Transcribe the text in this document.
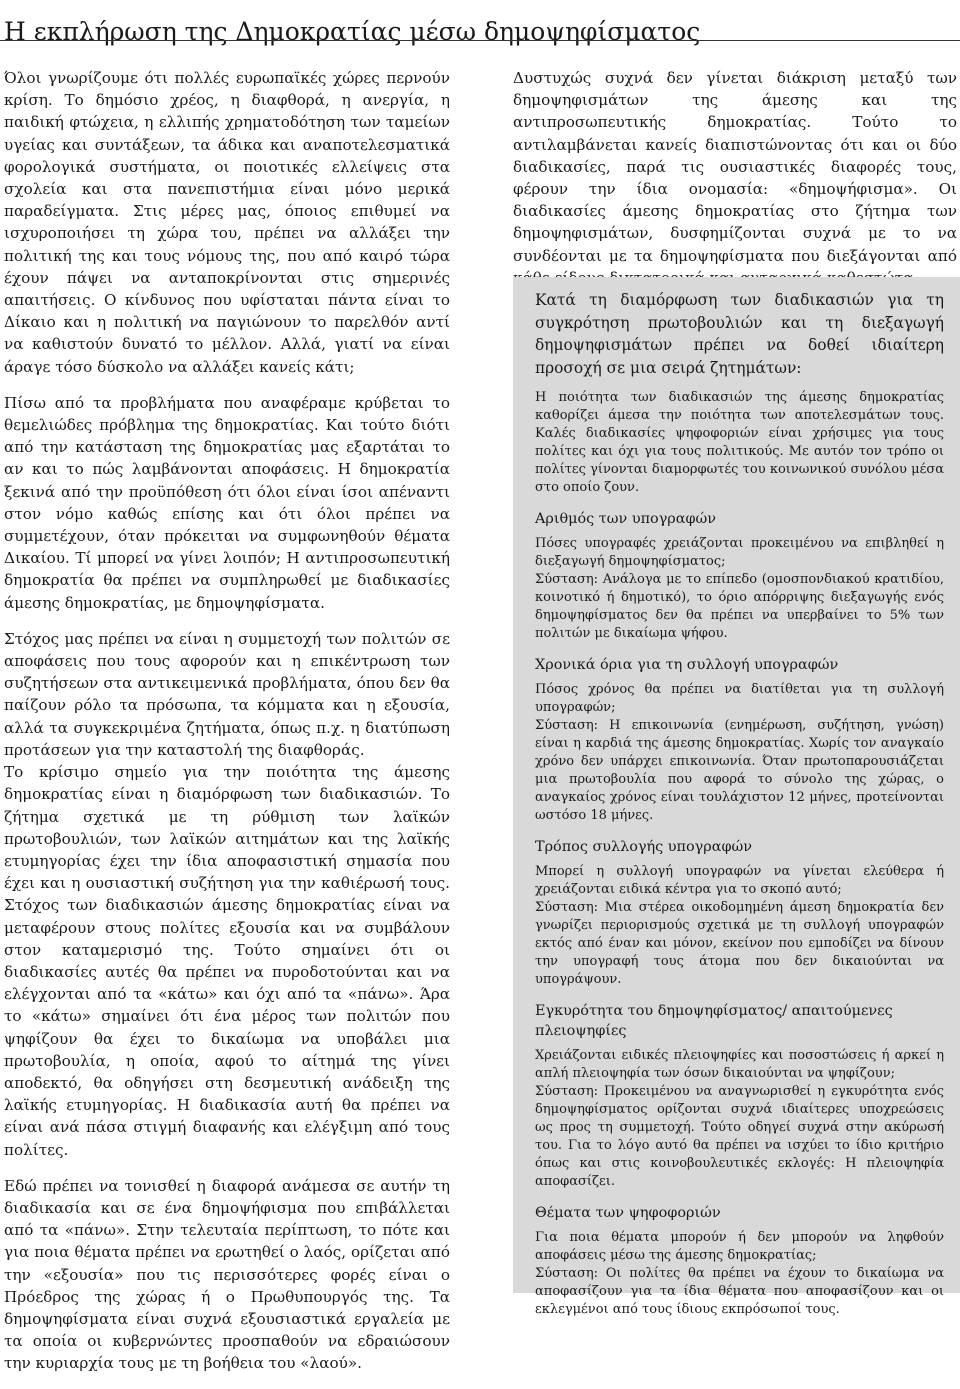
Η εκπλήρωση της Δημοκρατίας μέσω δημοψηφίσματος

Όλοι γνωρίζουμε ότι πολλές ευρωπαϊκές χώρες περνούν κρίση. Το δημόσιο χρέος, η διαφθορά, η ανεργία, η παιδική φτώχεια, η ελλιπής χρηματοδότηση των ταμείων υγείας και συντάξεων, τα άδικα και αναποτελεσματικά φορολογικά συστήματα, οι ποιοτικές ελλείψεις στα σχολεία και στα πανεπιστήμια είναι μόνο μερικά παραδείγματα. Στις μέρες μας, όποιος επιθυμεί να ισχυροποιήσει τη χώρα του, πρέπει να αλλάξει την πολιτική της και τους νόμους της, που από καιρό τώρα έχουν πάψει να ανταποκρίνονται στις σημερινές απαιτήσεις. Ο κίνδυνος που υφίσταται πάντα είναι το Δίκαιο και η πολιτική να παγιώνουν το παρελθόν αντί να καθιστούν δυνατό το μέλλον. Αλλά, γιατί να είναι άραγε τόσο δύσκολο να αλλάξει κανείς κάτι;

Πίσω από τα προβλήματα που αναφέραμε κρύβεται το θεμελιώδες πρόβλημα της δημοκρατίας. Και τούτο διότι από την κατάσταση της δημοκρατίας μας εξαρτάται το αν και το πώς λαμβάνονται αποφάσεις. Η δημοκρατία ξεκινά από την προϋπόθεση ότι όλοι είναι ίσοι απέναντι στον νόμο καθώς επίσης και ότι όλοι πρέπει να συμμετέχουν, όταν πρόκειται να συμφωνηθούν θέματα Δικαίου. Τί μπορεί να γίνει λοιπόν; Η αντιπροσωπευτική δημοκρατία θα πρέπει να συμπληρωθεί με διαδικασίες άμεσης δημοκρατίας, με δημοψηφίσματα.

Στόχος μας πρέπει να είναι η συμμετοχή των πολιτών σε αποφάσεις που τους αφορούν και η επικέντρωση των συζητήσεων στα αντικειμενικά προβλήματα, όπου δεν θα παίζουν ρόλο τα πρόσωπα, τα κόμματα και η εξουσία, αλλά τα συγκεκριμένα ζητήματα, όπως π.χ. η διατύπωση προτάσεων για την καταστολή της διαφθοράς.

Το κρίσιμο σημείο για την ποιότητα της άμεσης δημοκρατίας είναι η διαμόρφωση των διαδικασιών. Το ζήτημα σχετικά με τη ρύθμιση των λαϊκών πρωτοβουλιών, των λαϊκών αιτημάτων και της λαϊκής ετυμηγορίας έχει την ίδια αποφασιστική σημασία που έχει και η ουσιαστική συζήτηση για την καθιέρωσή τους. Στόχος των διαδικασιών άμεσης δημοκρατίας είναι να μεταφέρουν στους πολίτες εξουσία και να συμβάλουν στον καταμερισμό της. Τούτο σημαίνει ότι οι διαδικασίες αυτές θα πρέπει να πυροδοτούνται και να ελέγχονται από τα «κάτω» και όχι από τα «πάνω». Άρα το «κάτω» σημαίνει ότι ένα μέρος των πολιτών που ψηφίζουν θα έχει το δικαίωμα να υποβάλει μια πρωτοβουλία, η οποία, αφού το αίτημά της γίνει αποδεκτό, θα οδηγήσει στη δεσμευτική ανάδειξη της λαϊκής ετυμηγορίας. Η διαδικασία αυτή θα πρέπει να είναι ανά πάσα στιγμή διαφανής και ελέγξιμη από τους πολίτες.

Εδώ πρέπει να τονισθεί η διαφορά ανάμεσα σε αυτήν τη διαδικασία και σε ένα δημοψήφισμα που επιβάλλεται από τα «πάνω». Στην τελευταία περίπτωση, το πότε και για ποια θέματα πρέπει να ερωτηθεί ο λαός, ορίζεται από την «εξουσία» που τις περισσότερες φορές είναι ο Πρόεδρος της χώρας ή ο Πρωθυπουργός της. Τα δημοψηφίσματα είναι συχνά εξουσιαστικά εργαλεία με τα οποία οι κυβερνώντες προσπαθούν να εδραιώσουν την κυριαρχία τους με τη βοήθεια του «λαού».

Δυστυχώς συχνά δεν γίνεται διάκριση μεταξύ των δημοψηφισμάτων της άμεσης και της αντιπροσωπευτικής δημοκρατίας. Τούτο το αντιλαμβάνεται κανείς διαπιστώνοντας ότι και οι δύο διαδικασίες, παρά τις ουσιαστικές διαφορές τους, φέρουν την ίδια ονομασία: «δημοψήφισμα». Οι διαδικασίες άμεσης δημοκρατίας στο ζήτημα των δημοψηφισμάτων, δυσφημίζονται συχνά με το να συνδέονται με τα δημοψηφίσματα που διεξάγονται από

Κατά τη διαμόρφωση των διαδικασιών για τη συγκρότηση πρωτοβουλιών και τη διεξαγωγή δημοψηφισμάτων πρέπει να δοθεί ιδιαίτερη προσοχή σε μια σειρά ζητημάτων:

Η ποιότητα των διαδικασιών της άμεσης δημοκρατίας καθορίζει άμεσα την ποιότητα των αποτελεσμάτων τους. Καλές διαδικασίες ψηφοφοριών είναι χρήσιμες για τους πολίτες και όχι για τους πολιτικούς. Με αυτόν τον τρόπο οι πολίτες γίνονται διαμορφωτές του κοινωνικού συνόλου μέσα στο οποίο ζουν.

Αριθμός των υπογραφών

Πόσες υπογραφές χρειάζονται προκειμένου να επιβληθεί η διεξαγωγή δημοψηφίσματος;
Σύσταση: Ανάλογα με το επίπεδο (ομοσπονδιακού κρατιδίου, κοινοτικό ή δημοτικό), το όριο απόρριψης διεξαγωγής ενός δημοψηφίσματος δεν θα πρέπει να υπερβαίνει το 5% των πολιτών με δικαίωμα ψήφου.

Χρονικά όρια για τη συλλογή υπογραφών

Πόσος χρόνος θα πρέπει να διατίθεται για τη συλλογή υπογραφών;
Σύσταση: Η επικοινωνία (ενημέρωση, συζήτηση, γνώση) είναι η καρδιά της άμεσης δημοκρατίας. Χωρίς τον αναγκαίο χρόνο δεν υπάρχει επικοινωνία. Όταν πρωτοπαρουσιάζεται μια πρωτοβουλία που αφορά το σύνολο της χώρας, ο αναγκαίος χρόνος είναι τουλάχιστον 12 μήνες, προτείνονται ωστόσο 18 μήνες.

Τρόπος συλλογής υπογραφών

Μπορεί η συλλογή υπογραφών να γίνεται ελεύθερα ή χρειάζονται ειδικά κέντρα για το σκοπό αυτό;
Σύσταση: Μια στέρεα οικοδομημένη άμεση δημοκρατία δεν γνωρίζει περιορισμούς σχετικά με τη συλλογή υπογραφών εκτός από έναν και μόνον, εκείνον που εμποδίζει να δίνουν την υπογραφή τους άτομα που δεν δικαιούνται να υπογράψουν.

Εγκυρότητα του δημοψηφίσματος/ απαιτούμενες πλειοψηφίες

Χρειάζονται ειδικές πλειοψηφίες και ποσοστώσεις ή αρκεί η απλή πλειοψηφία των όσων δικαιούνται να ψηφίζουν;
Σύσταση: Προκειμένου να αναγνωρισθεί η εγκυρότητα ενός δημοψηφίσματος ορίζονται συχνά ιδιαίτερες υποχρεώσεις ως προς τη συμμετοχή. Τούτο οδηγεί συχνά στην ακύρωσή του. Για το λόγο αυτό θα πρέπει να ισχύει το ίδιο κριτήριο όπως και στις κοινοβουλευτικές εκλογές: Η πλειοψηφία αποφασίζει.

Θέματα των ψηφοφοριών

Για ποια θέματα μπορούν ή δεν μπορούν να ληφθούν αποφάσεις μέσω της άμεσης δημοκρατίας;
Σύσταση: Οι πολίτες θα πρέπει να έχουν το δικαίωμα να αποφασίζουν για τα ίδια θέματα που αποφασίζουν και οι εκλεγμένοι από τους ίδιους εκπρόσωποί τους.
